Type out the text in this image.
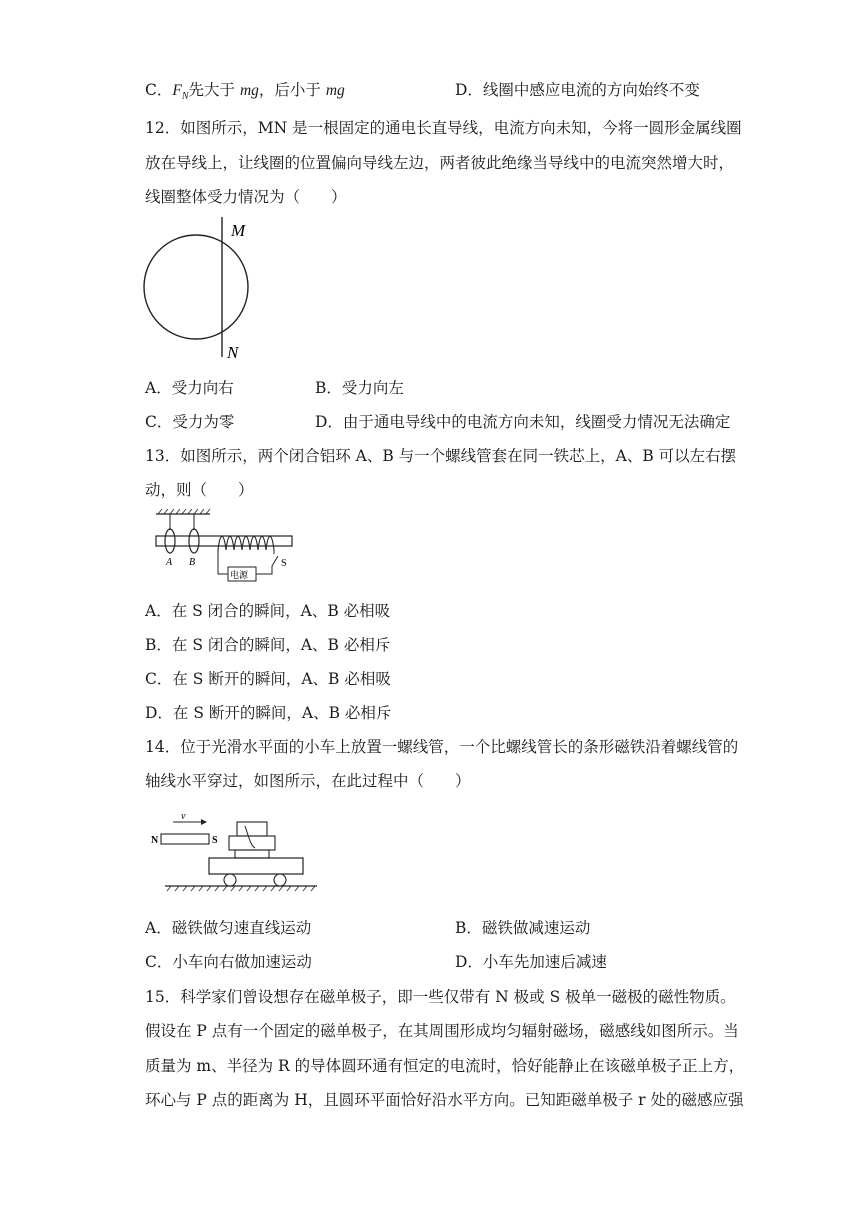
C．$F_N$先大于 mg，后小于 mg	D．线圈中感应电流的方向始终不变
12．如图所示，MN 是一根固定的通电长直导线，电流方向未知，今将一圆形金属线圈
放在导线上，让线圈的位置偏向导线左边，两者彼此绝缘当导线中的电流突然增大时，
线圈整体受力情况为（　　）
M
N
A．受力向右	B．受力向左
C．受力为零	D．由于通电导线中的电流方向未知，线圈受力情况无法确定
13．如图所示，两个闭合铝环 A、B 与一个螺线管套在同一铁芯上，A、B 可以左右摆
动，则（　　）
电源
A B	S
A．在 S 闭合的瞬间，A、B 必相吸
B．在 S 闭合的瞬间，A、B 必相斥
C．在 S 断开的瞬间，A、B 必相吸
D．在 S 断开的瞬间，A、B 必相斥
14．位于光滑水平面的小车上放置一螺线管，一个比螺线管长的条形磁铁沿着螺线管的
轴线水平穿过，如图所示，在此过程中（　　）
v
N	S
A．磁铁做匀速直线运动	B．磁铁做减速运动
C．小车向右做加速运动	D．小车先加速后减速
15．科学家们曾设想存在磁单极子，即一些仅带有 N 极或 S 极单一磁极的磁性物质。
假设在 P 点有一个固定的磁单极子，在其周围形成均匀辐射磁场，磁感线如图所示。当
质量为 m、半径为 R 的导体圆环通有恒定的电流时，恰好能静止在该磁单极子正上方，
环心与 P 点的距离为 H，且圆环平面恰好沿水平方向。已知距磁单极子 r 处的磁感应强
